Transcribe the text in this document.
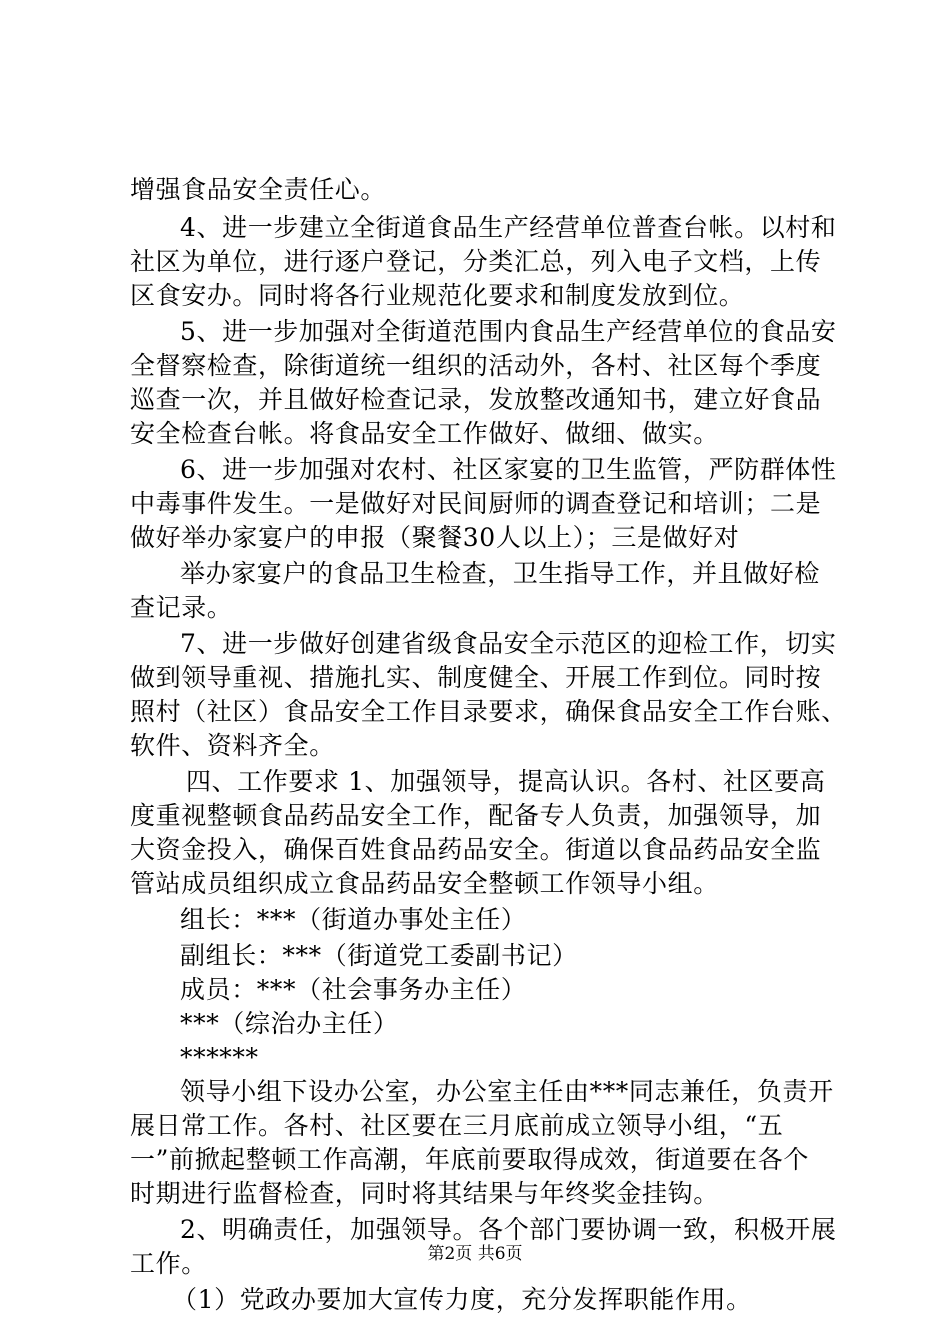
增强食品安全责任心。
4、进一步建立全街道食品生产经营单位普查台帐。以村和
社区为单位，进行逐户登记，分类汇总，列入电子文档，上传
区食安办。同时将各行业规范化要求和制度发放到位。
5、进一步加强对全街道范围内食品生产经营单位的食品安
全督察检查，除街道统一组织的活动外，各村、社区每个季度
巡查一次，并且做好检查记录，发放整改通知书，建立好食品
安全检查台帐。将食品安全工作做好、做细、做实。
6、进一步加强对农村、社区家宴的卫生监管，严防群体性
中毒事件发生。一是做好对民间厨师的调查登记和培训；二是
做好举办家宴户的申报（聚餐30人以上）；三是做好对
举办家宴户的食品卫生检查，卫生指导工作，并且做好检
查记录。
7、进一步做好创建省级食品安全示范区的迎检工作，切实
做到领导重视、措施扎实、制度健全、开展工作到位。同时按
照村（社区）食品安全工作目录要求，确保食品安全工作台账、
软件、资料齐全。
四、工作要求 1、加强领导，提高认识。各村、社区要高
度重视整顿食品药品安全工作，配备专人负责，加强领导，加
大资金投入，确保百姓食品药品安全。街道以食品药品安全监
管站成员组织成立食品药品安全整顿工作领导小组。
组长：***（街道办事处主任）
副组长：***（街道党工委副书记）
成员：***（社会事务办主任）
***（综治办主任）
******
领导小组下设办公室，办公室主任由***同志兼任，负责开
展日常工作。各村、社区要在三月底前成立领导小组，“五
一”前掀起整顿工作高潮，年底前要取得成效，街道要在各个
时期进行监督检查，同时将其结果与年终奖金挂钩。
2、明确责任，加强领导。各个部门要协调一致，积极开展
工作。
（1）党政办要加大宣传力度，充分发挥职能作用。
第2页 共6页
